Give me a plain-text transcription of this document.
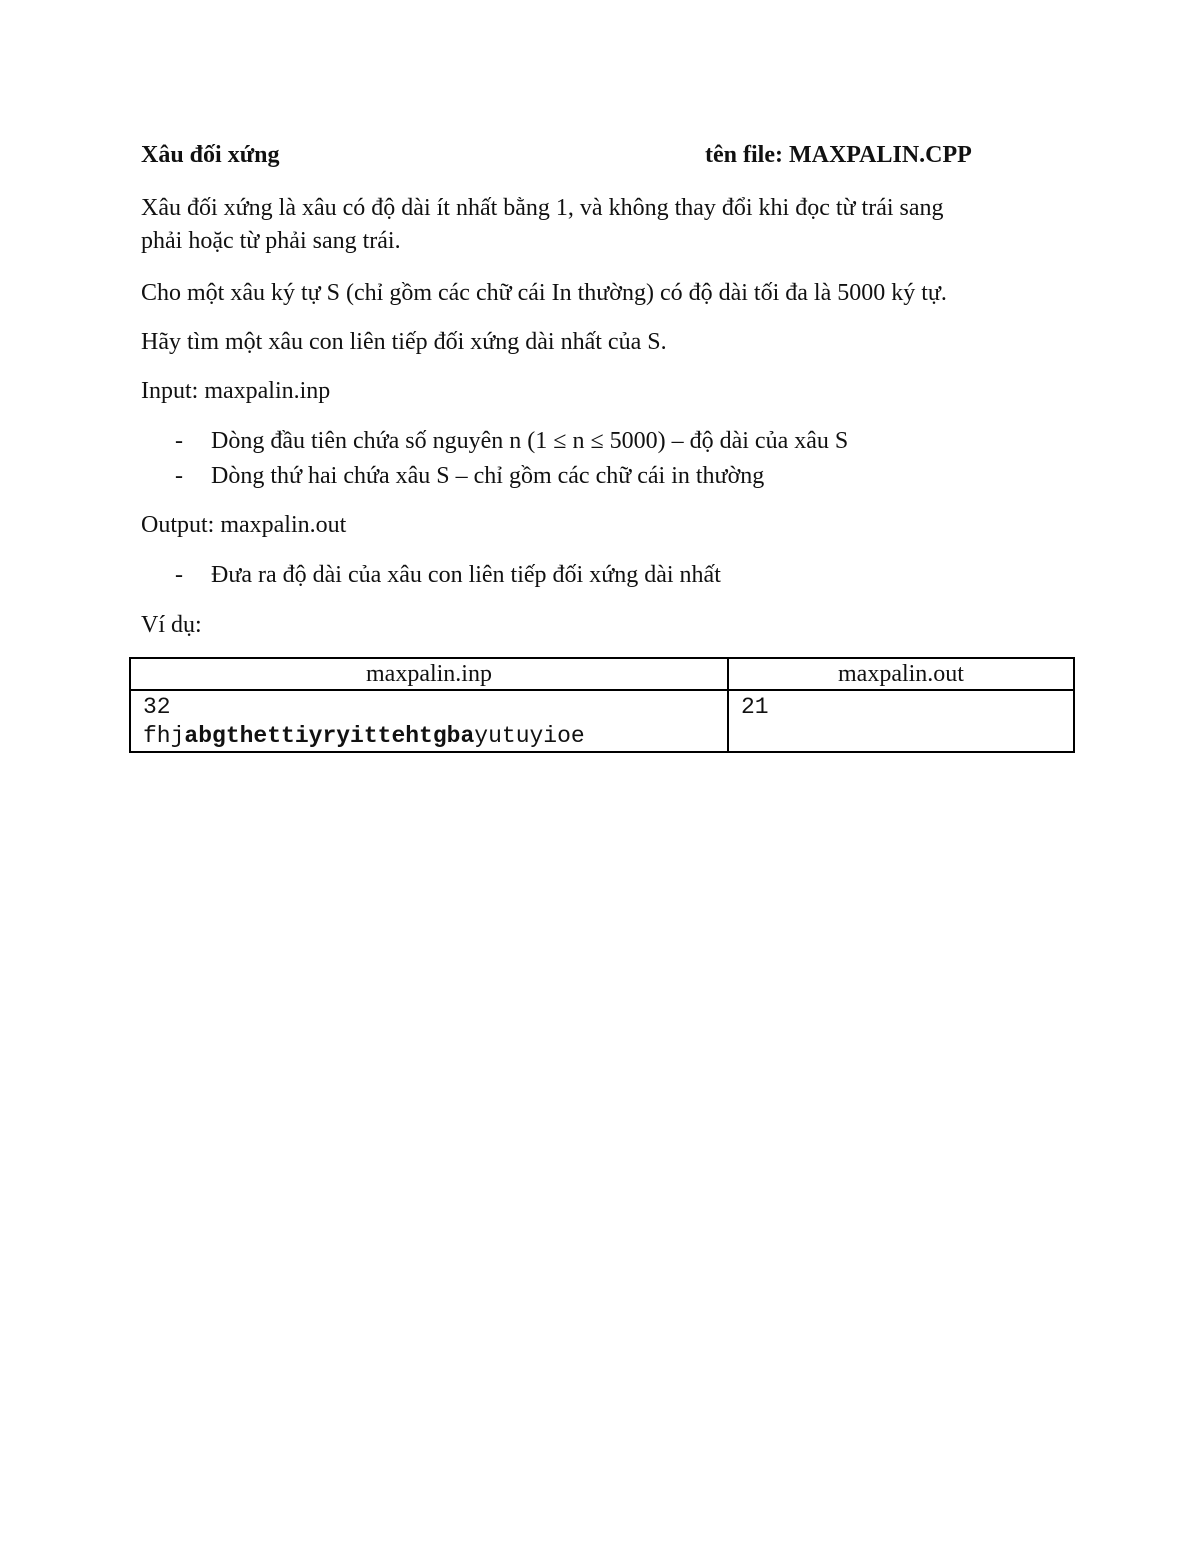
Xâu đối xứng	tên file: MAXPALIN.CPP

Xâu đối xứng là xâu có độ dài ít nhất bằng 1, và không thay đổi khi đọc từ trái sang
phải hoặc từ phải sang trái.

Cho một xâu ký tự S (chỉ gồm các chữ cái In thường) có độ dài tối đa là 5000 ký tự.

Hãy tìm một xâu con liên tiếp đối xứng dài nhất của S.

Input: maxpalin.inp

- Dòng đầu tiên chứa số nguyên n (1 ≤ n ≤ 5000) – độ dài của xâu S
- Dòng thứ hai chứa xâu S – chỉ gồm các chữ cái in thường

Output: maxpalin.out

- Đưa ra độ dài của xâu con liên tiếp đối xứng dài nhất

Ví dụ:

maxpalin.inp	maxpalin.out

32
fhjabgthettiyryittehtgbayutuyioe	21
